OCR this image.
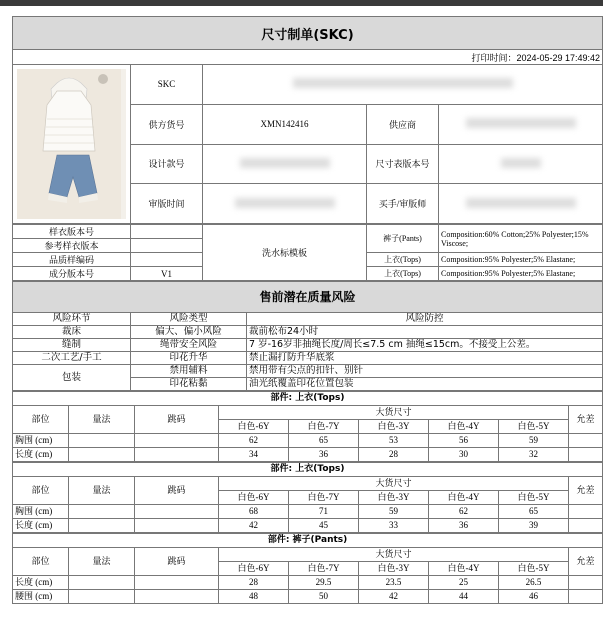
尺寸制单(SKC)				
打印时间：2024-05-29 17:49:42				

	SKC			
	供方货号	XMN142416	供应商	
	设计款号		尺寸表版本号	
	审版时间		买手/审版师	
样衣版本号		洗水标模板	裤子(Pants)	Composition:60% Cotton;25% Polyester;15% Viscose;
参考样衣版本				
品质样编码			上衣(Tops)	Composition:95% Polyester;5% Elastane;
成分版本号	V1		上衣(Tops)	Composition:95% Polyester;5% Elastane;
售前潜在质量风险		
风险环节	风险类型	风险防控
裁床	偏大、偏小风险	裁前松布24小时
缝制	绳带安全风险	7 岁-16岁非抽绳长度/周长≤7.5 cm 抽绳≤15cm。不接受上公差。
二次工艺/手工	印花升华	禁止漏打防升华底浆
包装	禁用辅料	禁用带有尖点的扣针、别针
	印花粘黏	油光纸覆盖印花位置包装
部件: 上衣(Tops)								
部位	量法	跳码	大货尺寸					允差
			白色-6Y	白色-7Y	白色-3Y	白色-4Y	白色-5Y	
胸围 (cm)			62	65	53	56	59	
长度 (cm)			34	36	28	30	32	
部件: 上衣(Tops)								
部位	量法	跳码	大货尺寸					允差
			白色-6Y	白色-7Y	白色-3Y	白色-4Y	白色-5Y	
胸围 (cm)			68	71	59	62	65	
长度 (cm)			42	45	33	36	39	
部件: 裤子(Pants)								
部位	量法	跳码	大货尺寸					允差
			白色-6Y	白色-7Y	白色-3Y	白色-4Y	白色-5Y	
长度 (cm)			28	29.5	23.5	25	26.5	
腰围 (cm)			48	50	42	44	46	
